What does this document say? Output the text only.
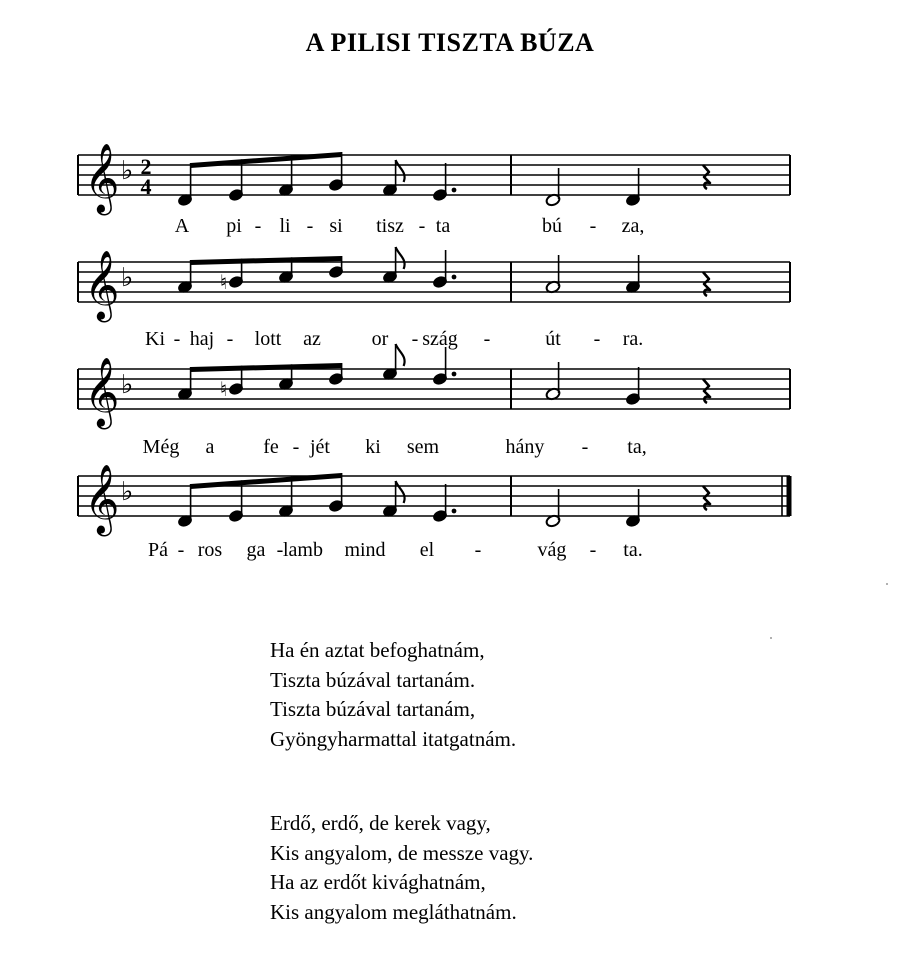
A PILISI TISZTA BÚZA
𝄞 ♭ 2
4
𝄞 ♭	♮
𝄞 ♭	♮
𝄞 ♭
A pi - li - si tisz - ta	bú - za,
Ki - haj - lott az	or - szág -	út - ra.
Még a fe - jét ki sem	hány - ta,
Pá - ros ga - lamb mind el -	vág - ta.
Ha én aztat befoghatnám,
Tiszta búzával tartanám.
Tiszta búzával tartanám,
Gyöngyharmattal itatgatnám.
Erdő, erdő, de kerek vagy,
Kis angyalom, de messze vagy.
Ha az erdőt kivághatnám,
Kis angyalom megláthatnám.
